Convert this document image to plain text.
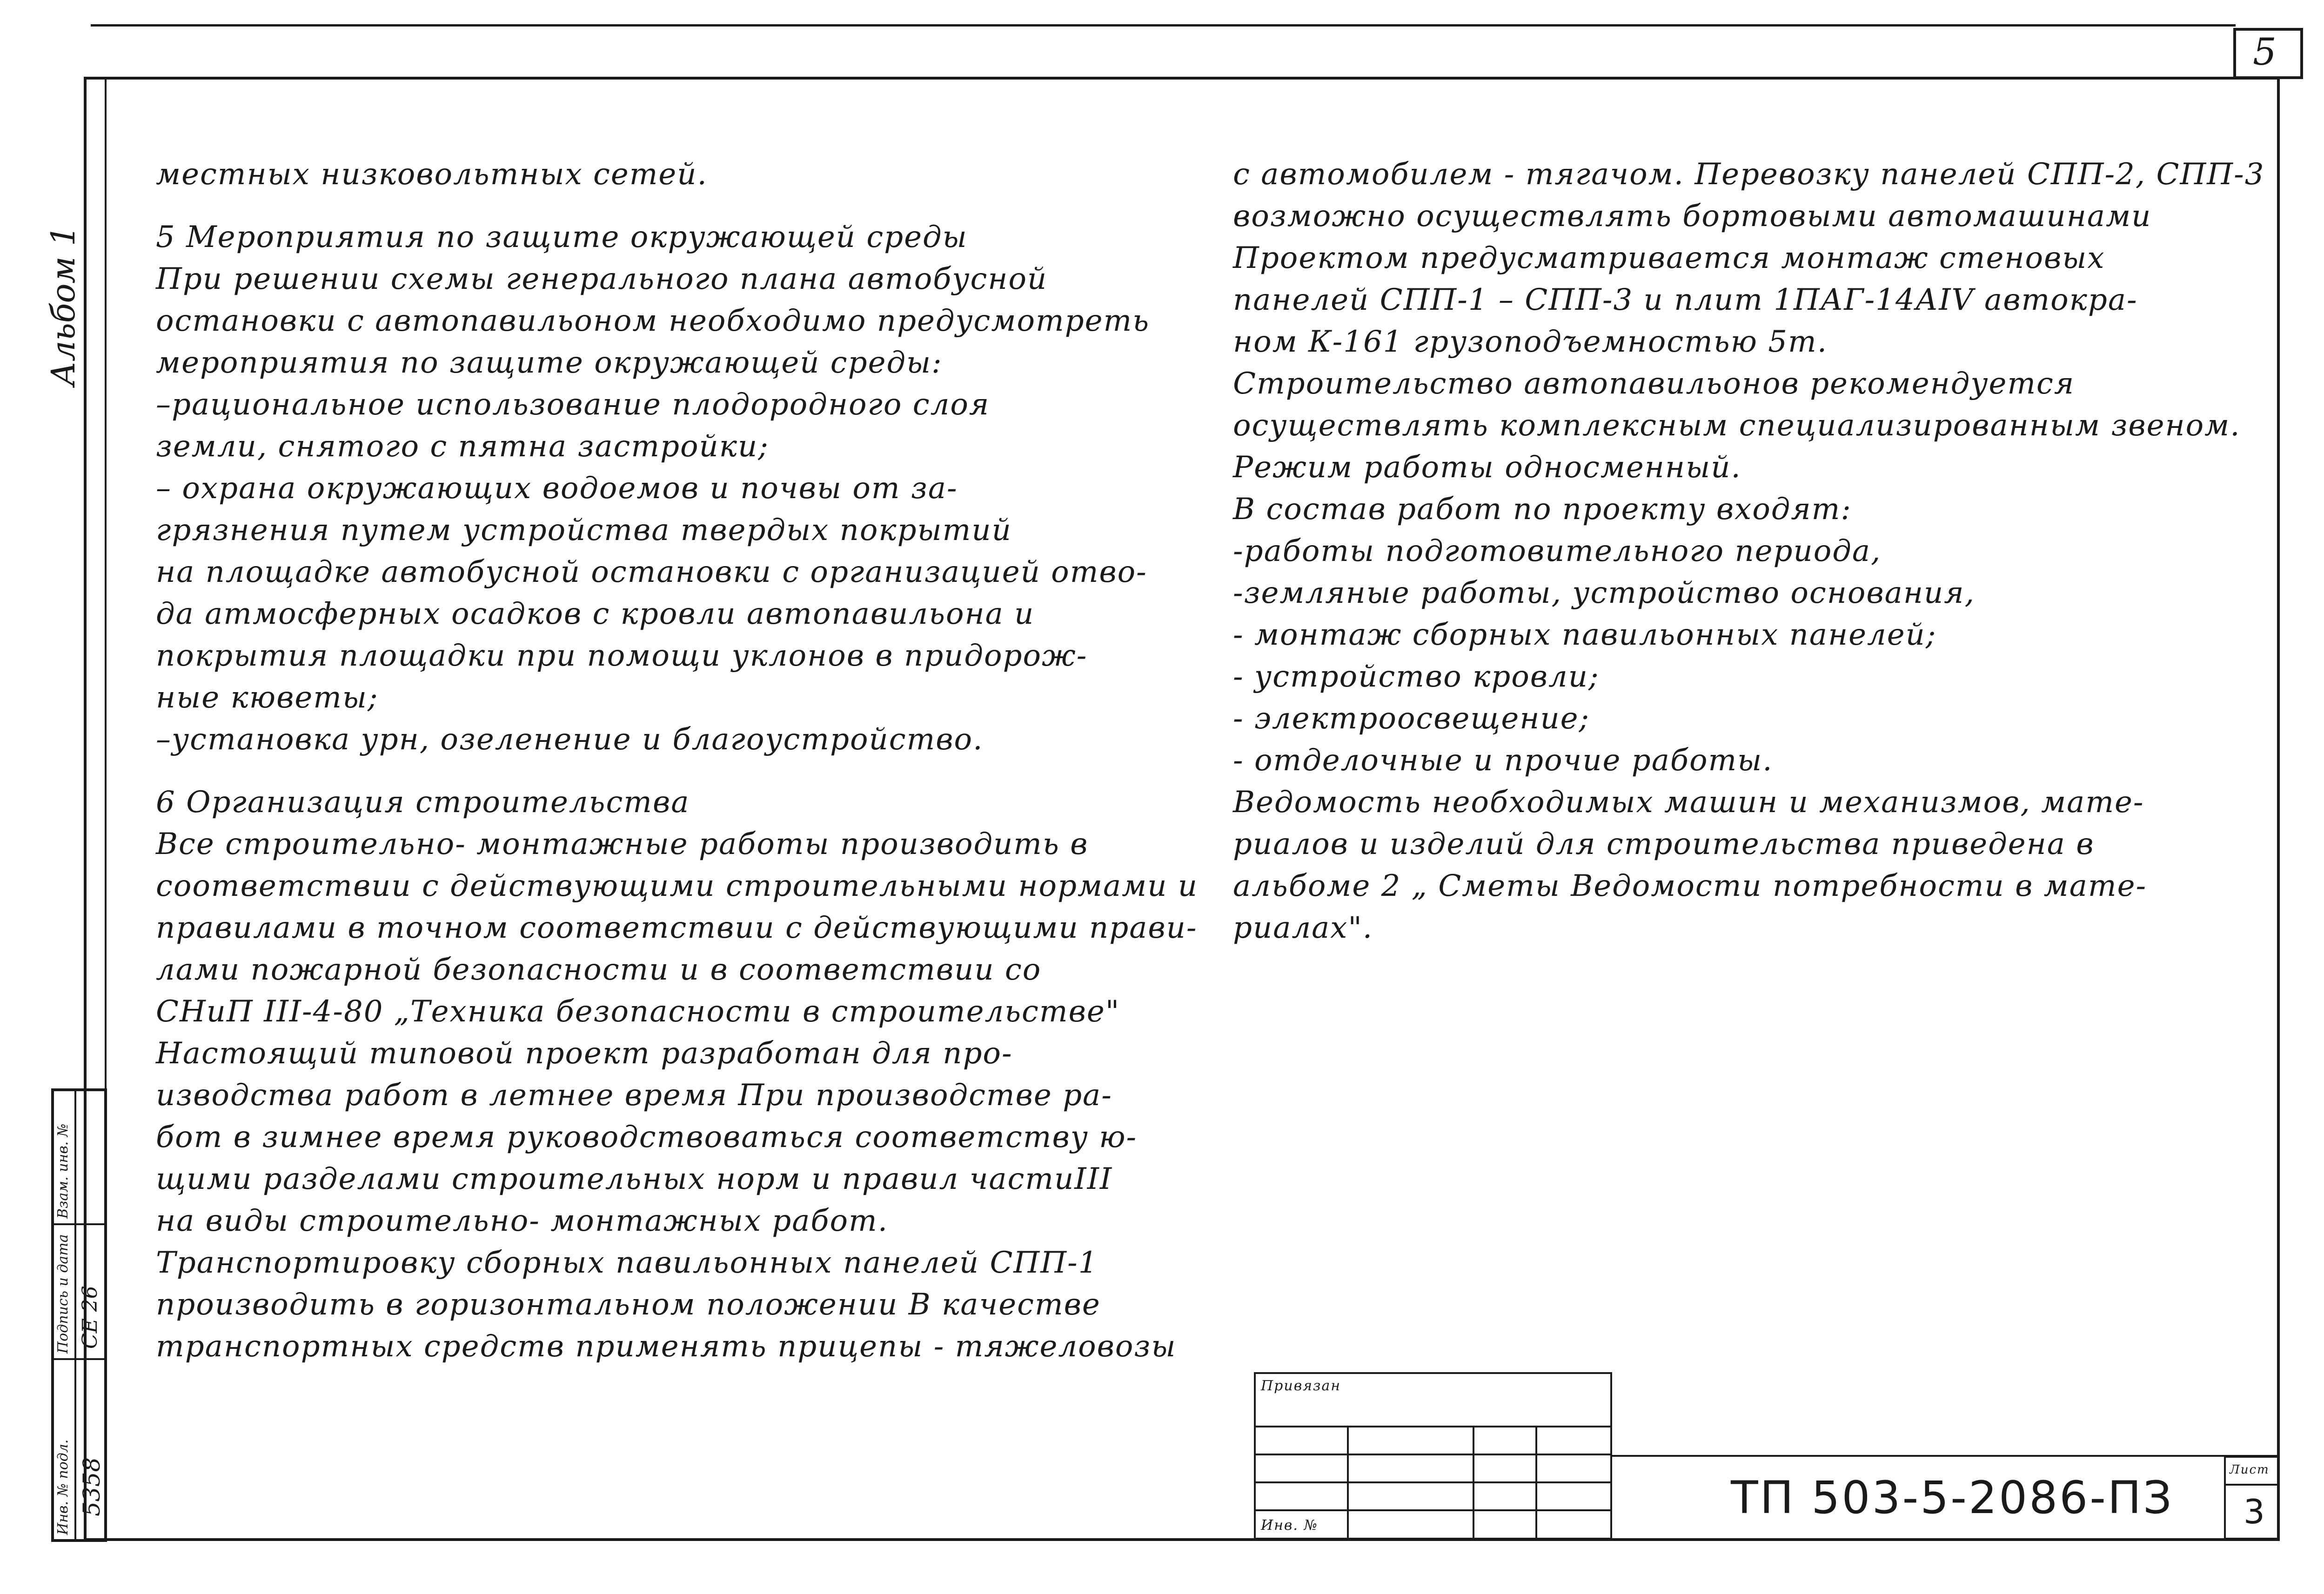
5
Альбом 1
Взам. инв. №
Подпись и дата
Инв. № подл.
CE 26
5358
местных низковольтных сетей.
5 Мероприятия по защите окружающей среды
При решении схемы генерального плана автобусной
остановки с автопавильоном необходимо предусмотреть
мероприятия по защите окружающей среды:
–рациональное использование плодородного слоя
земли, снятого с пятна застройки;
– охрана окружающих водоемов и почвы от за-
грязнения путем устройства твердых покрытий
на площадке автобусной остановки с организацией отво-
да атмосферных осадков с кровли автопавильона и
покрытия площадки при помощи уклонов в придорож-
ные кюветы;
–установка урн, озеленение и благоустройство.
6 Организация строительства
Все строительно- монтажные работы производить в
соответствии с действующими строительными нормами и
правилами в точном соответствии с действующими прави-
лами пожарной безопасности и в соответствии со
СНиП III-4-80 „Техника безопасности в строительстве"
Настоящий типовой проект разработан для про-
изводства работ в летнее время При производстве ра-
бот в зимнее время руководствоваться соответству ю-
щими разделами строительных норм и правил частиIII
на виды строительно- монтажных работ.
Транспортировку сборных павильонных панелей СПП-1
производить в горизонтальном положении В качестве
транспортных средств применять прицепы - тяжеловозы
с автомобилем - тягачом. Перевозку панелей СПП-2, СПП-3
возможно осуществлять бортовыми автомашинами
Проектом предусматривается монтаж стеновых
панелей СПП-1 – СПП-3 и плит 1ПАГ-14АIV автокра-
ном К-161 грузоподъемностью 5т.
Строительство автопавильонов рекомендуется
осуществлять комплексным специализированным звеном.
Режим работы односменный.
В состав работ по проекту входят:
-работы подготовительного периода,
-земляные работы, устройство основания,
- монтаж сборных павильонных панелей;
- устройство кровли;
- электроосвещение;
- отделочные и прочие работы.
Ведомость необходимых машин и механизмов, мате-
риалов и изделий для строительства приведена в
альбоме 2 „ Сметы Ведомости потребности в мате-
риалах".
Привязан
Инв. №
ТП 503-5-2086-ПЗ
Лист
3
